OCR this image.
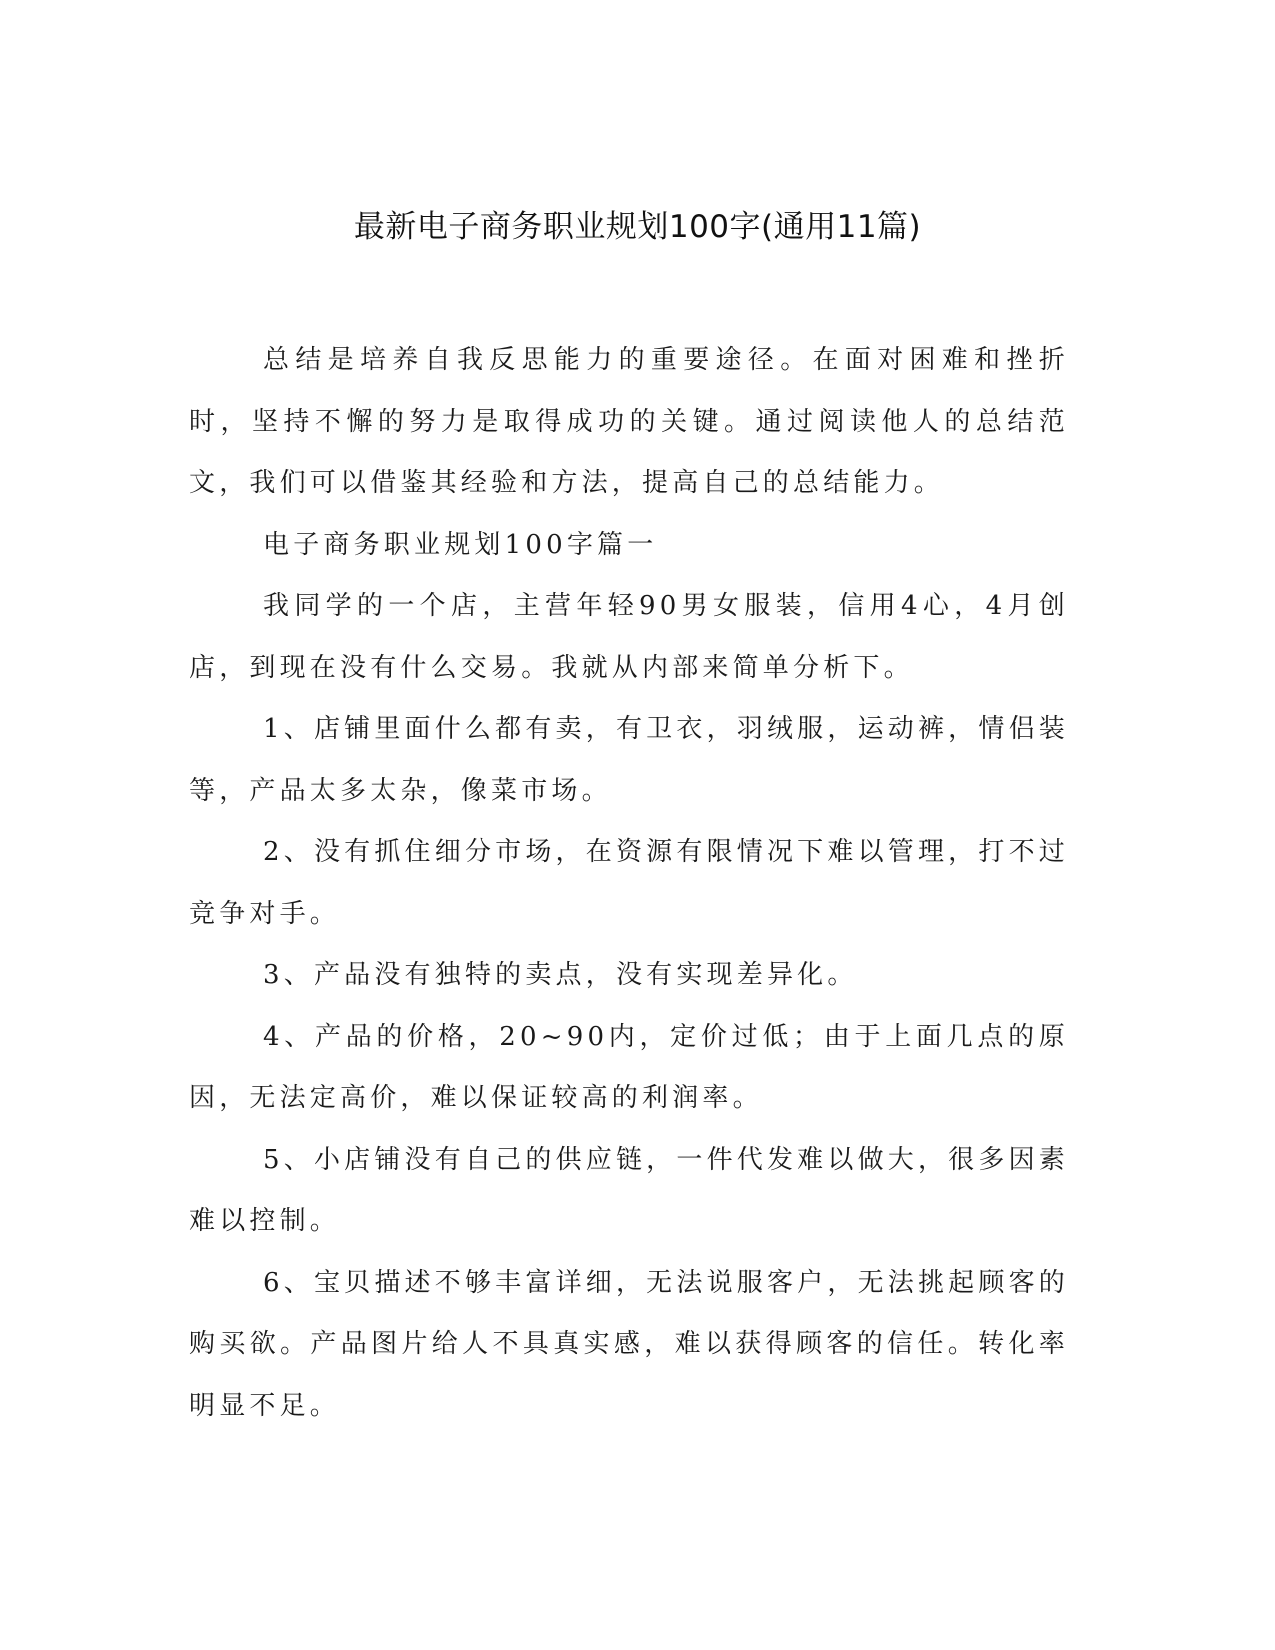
最新电子商务职业规划100字(通用11篇)

总结是培养自我反思能力的重要途径。在面对困难和挫折时，坚持不懈的努力是取得成功的关键。通过阅读他人的总结范文，我们可以借鉴其经验和方法，提高自己的总结能力。

电子商务职业规划100字篇一

我同学的一个店，主营年轻90男女服装，信用4心，4月创店，到现在没有什么交易。我就从内部来简单分析下。

1、店铺里面什么都有卖，有卫衣，羽绒服，运动裤，情侣装等，产品太多太杂，像菜市场。

2、没有抓住细分市场，在资源有限情况下难以管理，打不过竞争对手。

3、产品没有独特的卖点，没有实现差异化。

4、产品的价格，20~90内，定价过低；由于上面几点的原因，无法定高价，难以保证较高的利润率。

5、小店铺没有自己的供应链，一件代发难以做大，很多因素难以控制。

6、宝贝描述不够丰富详细，无法说服客户，无法挑起顾客的购买欲。产品图片给人不具真实感，难以获得顾客的信任。转化率明显不足。
